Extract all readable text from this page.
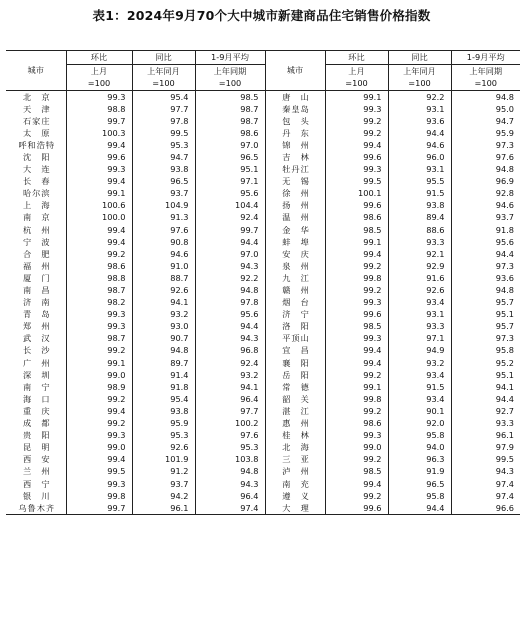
表1：2024年9月70个大中城市新建商品住宅销售价格指数
城市	环比	同比	1-9月平均	城市	环比	同比	1-9月平均
	上月	上年同月	上年同期		上月	上年同月	上年同期
	=100	=100	=100		=100	=100	=100
北　京	99.3	95.4	98.5	唐　山	99.1	92.2	94.8
天　津	98.8	97.7	98.7	秦皇岛	99.3	93.1	95.0
石家庄	99.7	97.8	98.7	包　头	99.2	93.6	94.7
太　原	100.3	99.5	98.6	丹　东	99.2	94.4	95.9
呼和浩特	99.4	95.3	97.0	锦　州	99.4	94.6	97.3
沈　阳	99.6	94.7	96.5	吉　林	99.6	96.0	97.6
大　连	99.3	93.8	95.1	牡丹江	99.3	93.1	94.8
长　春	99.4	96.5	97.1	无　锡	99.5	95.5	96.9
哈尔滨	99.1	93.7	95.6	徐　州	100.1	91.5	92.8
上　海	100.6	104.9	104.4	扬　州	99.6	93.8	94.6
南　京	100.0	91.3	92.4	温　州	98.6	89.4	93.7
杭　州	99.4	97.6	99.7	金　华	98.5	88.6	91.8
宁　波	99.4	90.8	94.4	蚌　埠	99.1	93.3	95.6
合　肥	99.2	94.6	97.0	安　庆	99.4	92.1	94.4
福　州	98.6	91.0	94.3	泉　州	99.2	92.9	97.3
厦　门	98.8	88.7	92.2	九　江	99.8	91.6	93.6
南　昌	98.7	92.6	94.8	赣　州	99.2	92.6	94.8
济　南	98.2	94.1	97.8	烟　台	99.3	93.4	95.7
青　岛	99.3	93.2	95.6	济　宁	99.6	93.1	95.1
郑　州	99.3	93.0	94.4	洛　阳	98.5	93.3	95.7
武　汉	98.7	90.7	94.3	平顶山	99.3	97.1	97.3
长　沙	99.2	94.8	96.8	宜　昌	99.4	94.9	95.8
广　州	99.1	89.7	92.4	襄　阳	99.4	93.2	95.2
深　圳	99.0	91.4	93.2	岳　阳	99.2	93.4	95.1
南　宁	98.9	91.8	94.1	常　德	99.1	91.5	94.1
海　口	99.2	95.4	96.4	韶　关	99.8	93.4	94.4
重　庆	99.4	93.8	97.7	湛　江	99.2	90.1	92.7
成　都	99.2	95.9	100.2	惠　州	98.6	92.0	93.3
贵　阳	99.3	95.3	97.6	桂　林	99.3	95.8	96.1
昆　明	99.0	92.6	95.3	北　海	99.0	94.0	97.9
西　安	99.4	101.9	103.8	三　亚	99.2	96.3	99.5
兰　州	99.5	91.2	94.8	泸　州	98.5	91.9	94.3
西　宁	99.3	93.7	94.3	南　充	99.4	96.5	97.4
银　川	99.8	94.2	96.4	遵　义	99.2	95.8	97.4
乌鲁木齐	99.7	96.1	97.4	大　理	99.6	94.4	96.6
